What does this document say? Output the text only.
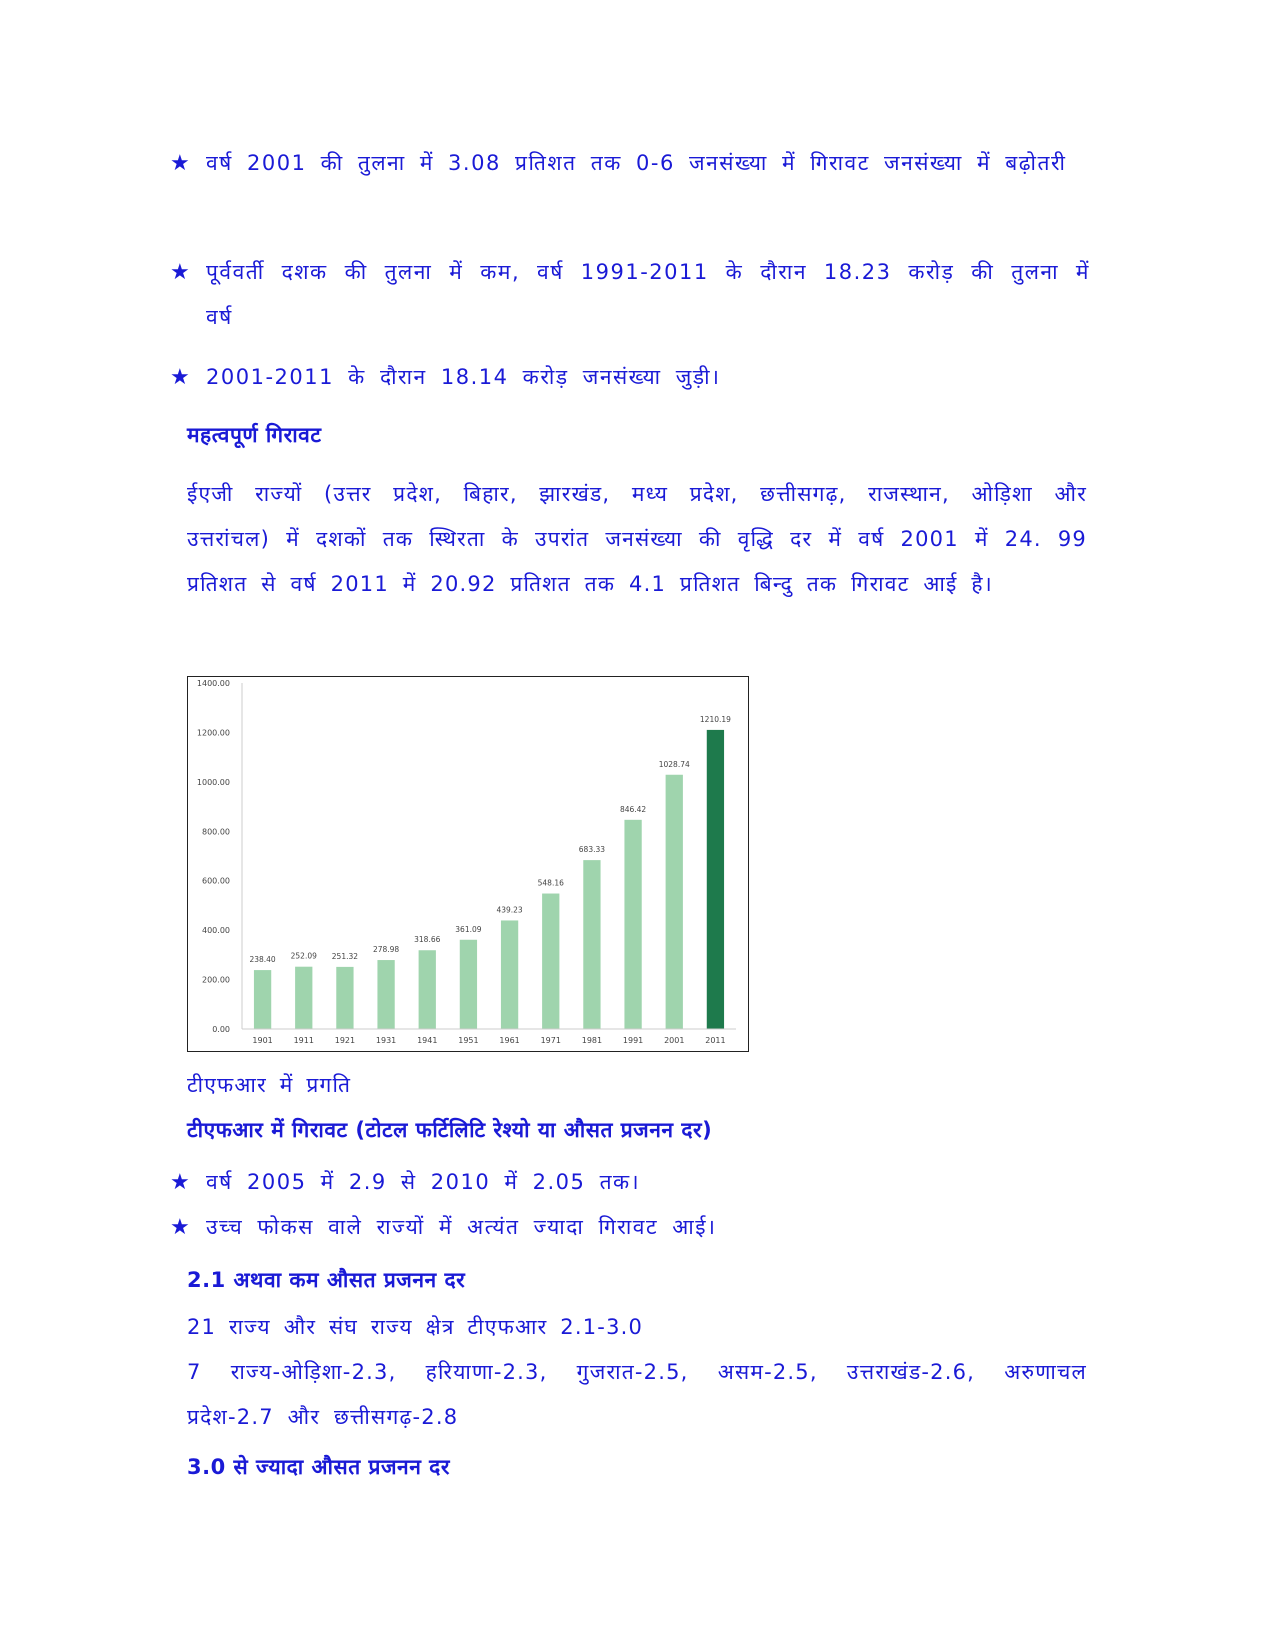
★ वर्ष 2001 की तुलना में 3.08 प्रतिशत तक 0-6 जनसंख्या में गिरावट जनसंख्या में बढ़ोतरी
★ पूर्ववर्ती दशक की तुलना में कम, वर्ष 1991-2011 के दौरान 18.23 करोड़ की तुलना में वर्ष
★ 2001-2011 के दौरान 18.14 करोड़ जनसंख्या जुड़ी।
महत्वपूर्ण गिरावट
ईएजी राज्यों (उत्तर प्रदेश, बिहार, झारखंड, मध्य प्रदेश, छत्तीसगढ़, राजस्थान, ओड़िशा और उत्तरांचल) में दशकों तक स्थिरता के उपरांत जनसंख्या की वृद्धि दर में वर्ष 2001 में 24. 99 प्रतिशत से वर्ष 2011 में 20.92 प्रतिशत तक 4.1 प्रतिशत बिन्दु तक गिरावट आई है।
0.00
200.00
400.00
600.00
800.00
1000.00
1200.00
1400.00
238.40
1901
252.09
1911
251.32
1921
278.98
1931
318.66
1941
361.09
1951
439.23
1961
548.16
1971
683.33
1981
846.42
1991
1028.74
2001
1210.19
2011
टीएफआर में प्रगति
टीएफआर में गिरावट (टोटल फर्टिलिटि रेश्यो या औसत प्रजनन दर)
★ वर्ष 2005 में 2.9 से 2010 में 2.05 तक।
★ उच्च फोकस वाले राज्यों में अत्यंत ज्यादा गिरावट आई।
2.1 अथवा कम औसत प्रजनन दर
21 राज्य और संघ राज्य क्षेत्र टीएफआर 2.1-3.0
7 राज्य-ओड़िशा-2.3, हरियाणा-2.3, गुजरात-2.5, असम-2.5, उत्तराखंड-2.6, अरुणाचल प्रदेश-2.7 और छत्तीसगढ़-2.8
3.0 से ज्यादा औसत प्रजनन दर
